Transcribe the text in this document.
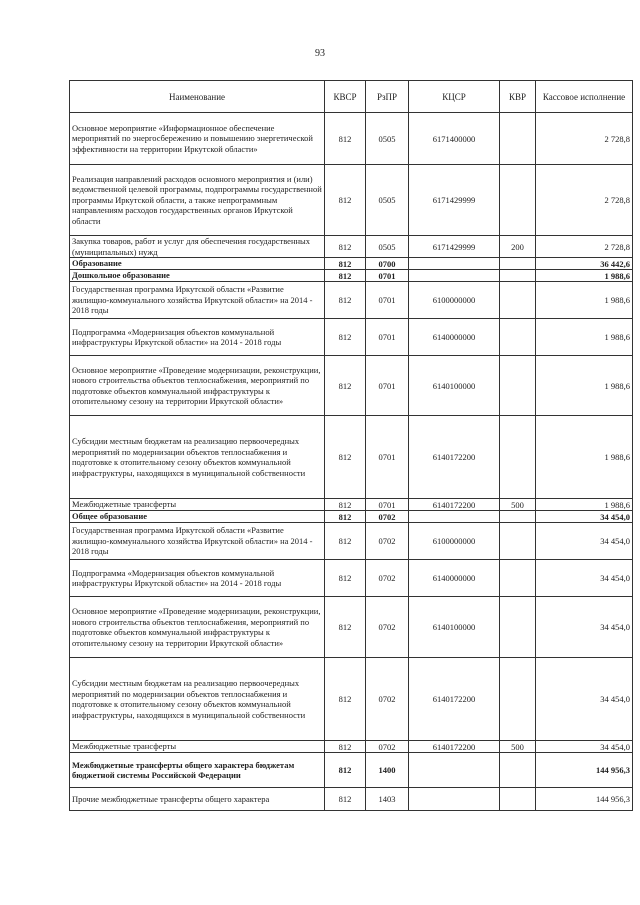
93
Наименование	КВСР	РзПР	КЦСР	КВР	Кассовое исполнение
Основное мероприятие «Информационное обеспечение мероприятий по энергосбережению и повышению энергетической эффективности на территории Иркутской области»	812	0505	6171400000		2 728,8
Реализация направлений расходов основного мероприятия и (или) ведомственной целевой программы, подпрограммы государственной программы Иркутской области, а также непрограммным направлениям расходов государственных органов Иркутской области	812	0505	6171429999		2 728,8
Закупка товаров, работ и услуг для обеспечения государственных (муниципальных) нужд	812	0505	6171429999	200	2 728,8
Образование	812	0700			36 442,6
Дошкольное образование	812	0701			1 988,6
Государственная программа Иркутской области «Развитие жилищно-коммунального хозяйства Иркутской области» на 2014 - 2018 годы	812	0701	6100000000		1 988,6
Подпрограмма «Модернизация объектов коммунальной инфраструктуры Иркутской области» на 2014 - 2018 годы	812	0701	6140000000		1 988,6
Основное мероприятие «Проведение модернизации, реконструкции, нового строительства объектов теплоснабжения, мероприятий по подготовке объектов коммунальной инфраструктуры к отопительному сезону на территории Иркутской области»	812	0701	6140100000		1 988,6
Субсидии местным бюджетам на реализацию первоочередных мероприятий по модернизации объектов теплоснабжения и подготовке к отопительному сезону объектов коммунальной инфраструктуры, находящихся в муниципальной собственности	812	0701	6140172200		1 988,6
Межбюджетные трансферты	812	0701	6140172200	500	1 988,6
Общее образование	812	0702			34 454,0
Государственная программа Иркутской области «Развитие жилищно-коммунального хозяйства Иркутской области» на 2014 - 2018 годы	812	0702	6100000000		34 454,0
Подпрограмма «Модернизация объектов коммунальной инфраструктуры Иркутской области» на 2014 - 2018 годы	812	0702	6140000000		34 454,0
Основное мероприятие «Проведение модернизации, реконструкции, нового строительства объектов теплоснабжения, мероприятий по подготовке объектов коммунальной инфраструктуры к отопительному сезону на территории Иркутской области»	812	0702	6140100000		34 454,0
Субсидии местным бюджетам на реализацию первоочередных мероприятий по модернизации объектов теплоснабжения и подготовке к отопительному сезону объектов коммунальной инфраструктуры, находящихся в муниципальной собственности	812	0702	6140172200		34 454,0
Межбюджетные трансферты	812	0702	6140172200	500	34 454,0
Межбюджетные трансферты общего характера бюджетам бюджетной системы Российской Федерации	812	1400			144 956,3
Прочие межбюджетные трансферты общего характера	812	1403			144 956,3
